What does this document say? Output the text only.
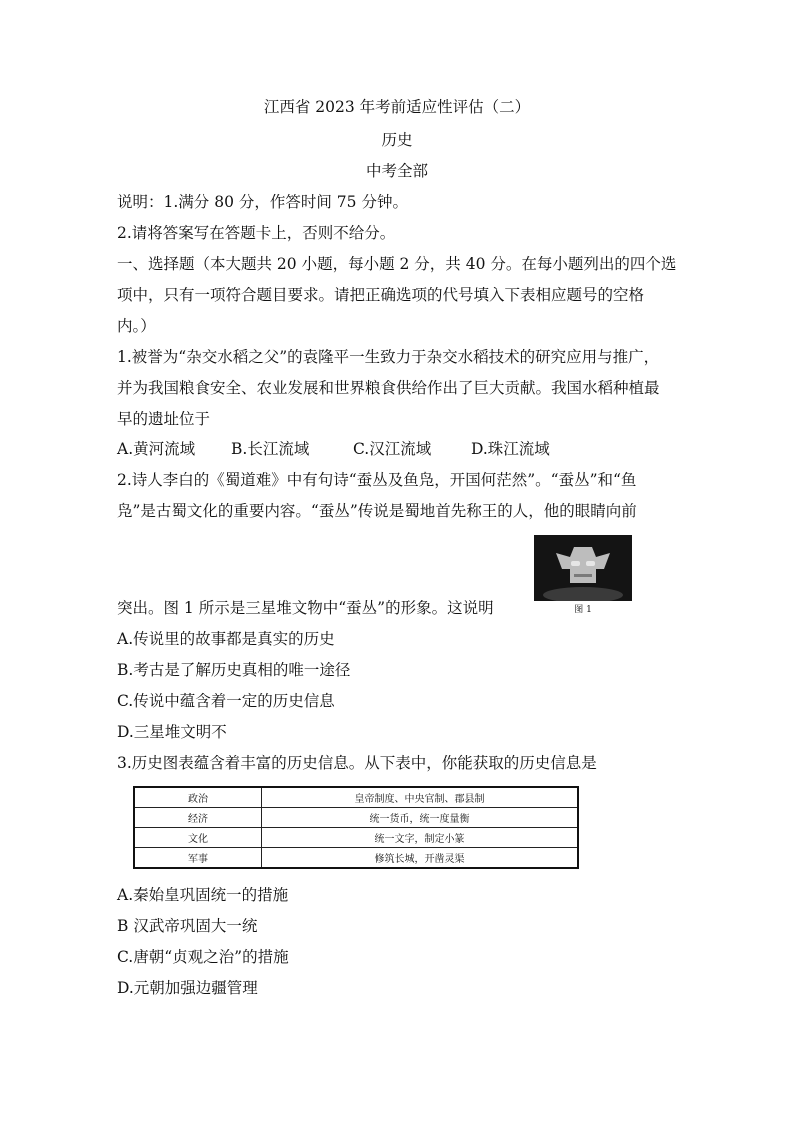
江西省 2023 年考前适应性评估（二）
历史
中考全部
说明：1.满分 80 分，作答时间 75 分钟。
2.请将答案写在答题卡上，否则不给分。
一、选择题（本大题共 20 小题，每小题 2 分，共 40 分。在每小题列出的四个选
项中，只有一项符合题目要求。请把正确选项的代号填入下表相应题号的空格
内。）
1.被誉为“杂交水稻之父”的袁隆平一生致力于杂交水稻技术的研究应用与推广，
并为我国粮食安全、农业发展和世界粮食供给作出了巨大贡献。我国水稻种植最
早的遗址位于
A.黄河流域 B.长江流域	C.汉江流域	D.珠江流域
2.诗人李白的《蜀道难》中有句诗“蚕丛及鱼凫，开国何茫然”。“蚕丛”和“鱼
凫”是古蜀文化的重要内容。“蚕丛”传说是蜀地首先称王的人，他的眼睛向前
图 1
突出。图 1 所示是三星堆文物中“蚕丛”的形象。这说明
A.传说里的故事都是真实的历史
B.考古是了解历史真相的唯一途径
C.传说中蕴含着一定的历史信息
D.三星堆文明不
3.历史图表蕴含着丰富的历史信息。从下表中，你能获取的历史信息是
政治	皇帝制度、中央官制、郡县制
经济	统一货币，统一度量衡
文化	统一文字，制定小篆
军事	修筑长城，开凿灵渠
A.秦始皇巩固统一的措施
B 汉武帝巩固大一统
C.唐朝“贞观之治”的措施
D.元朝加强边疆管理
